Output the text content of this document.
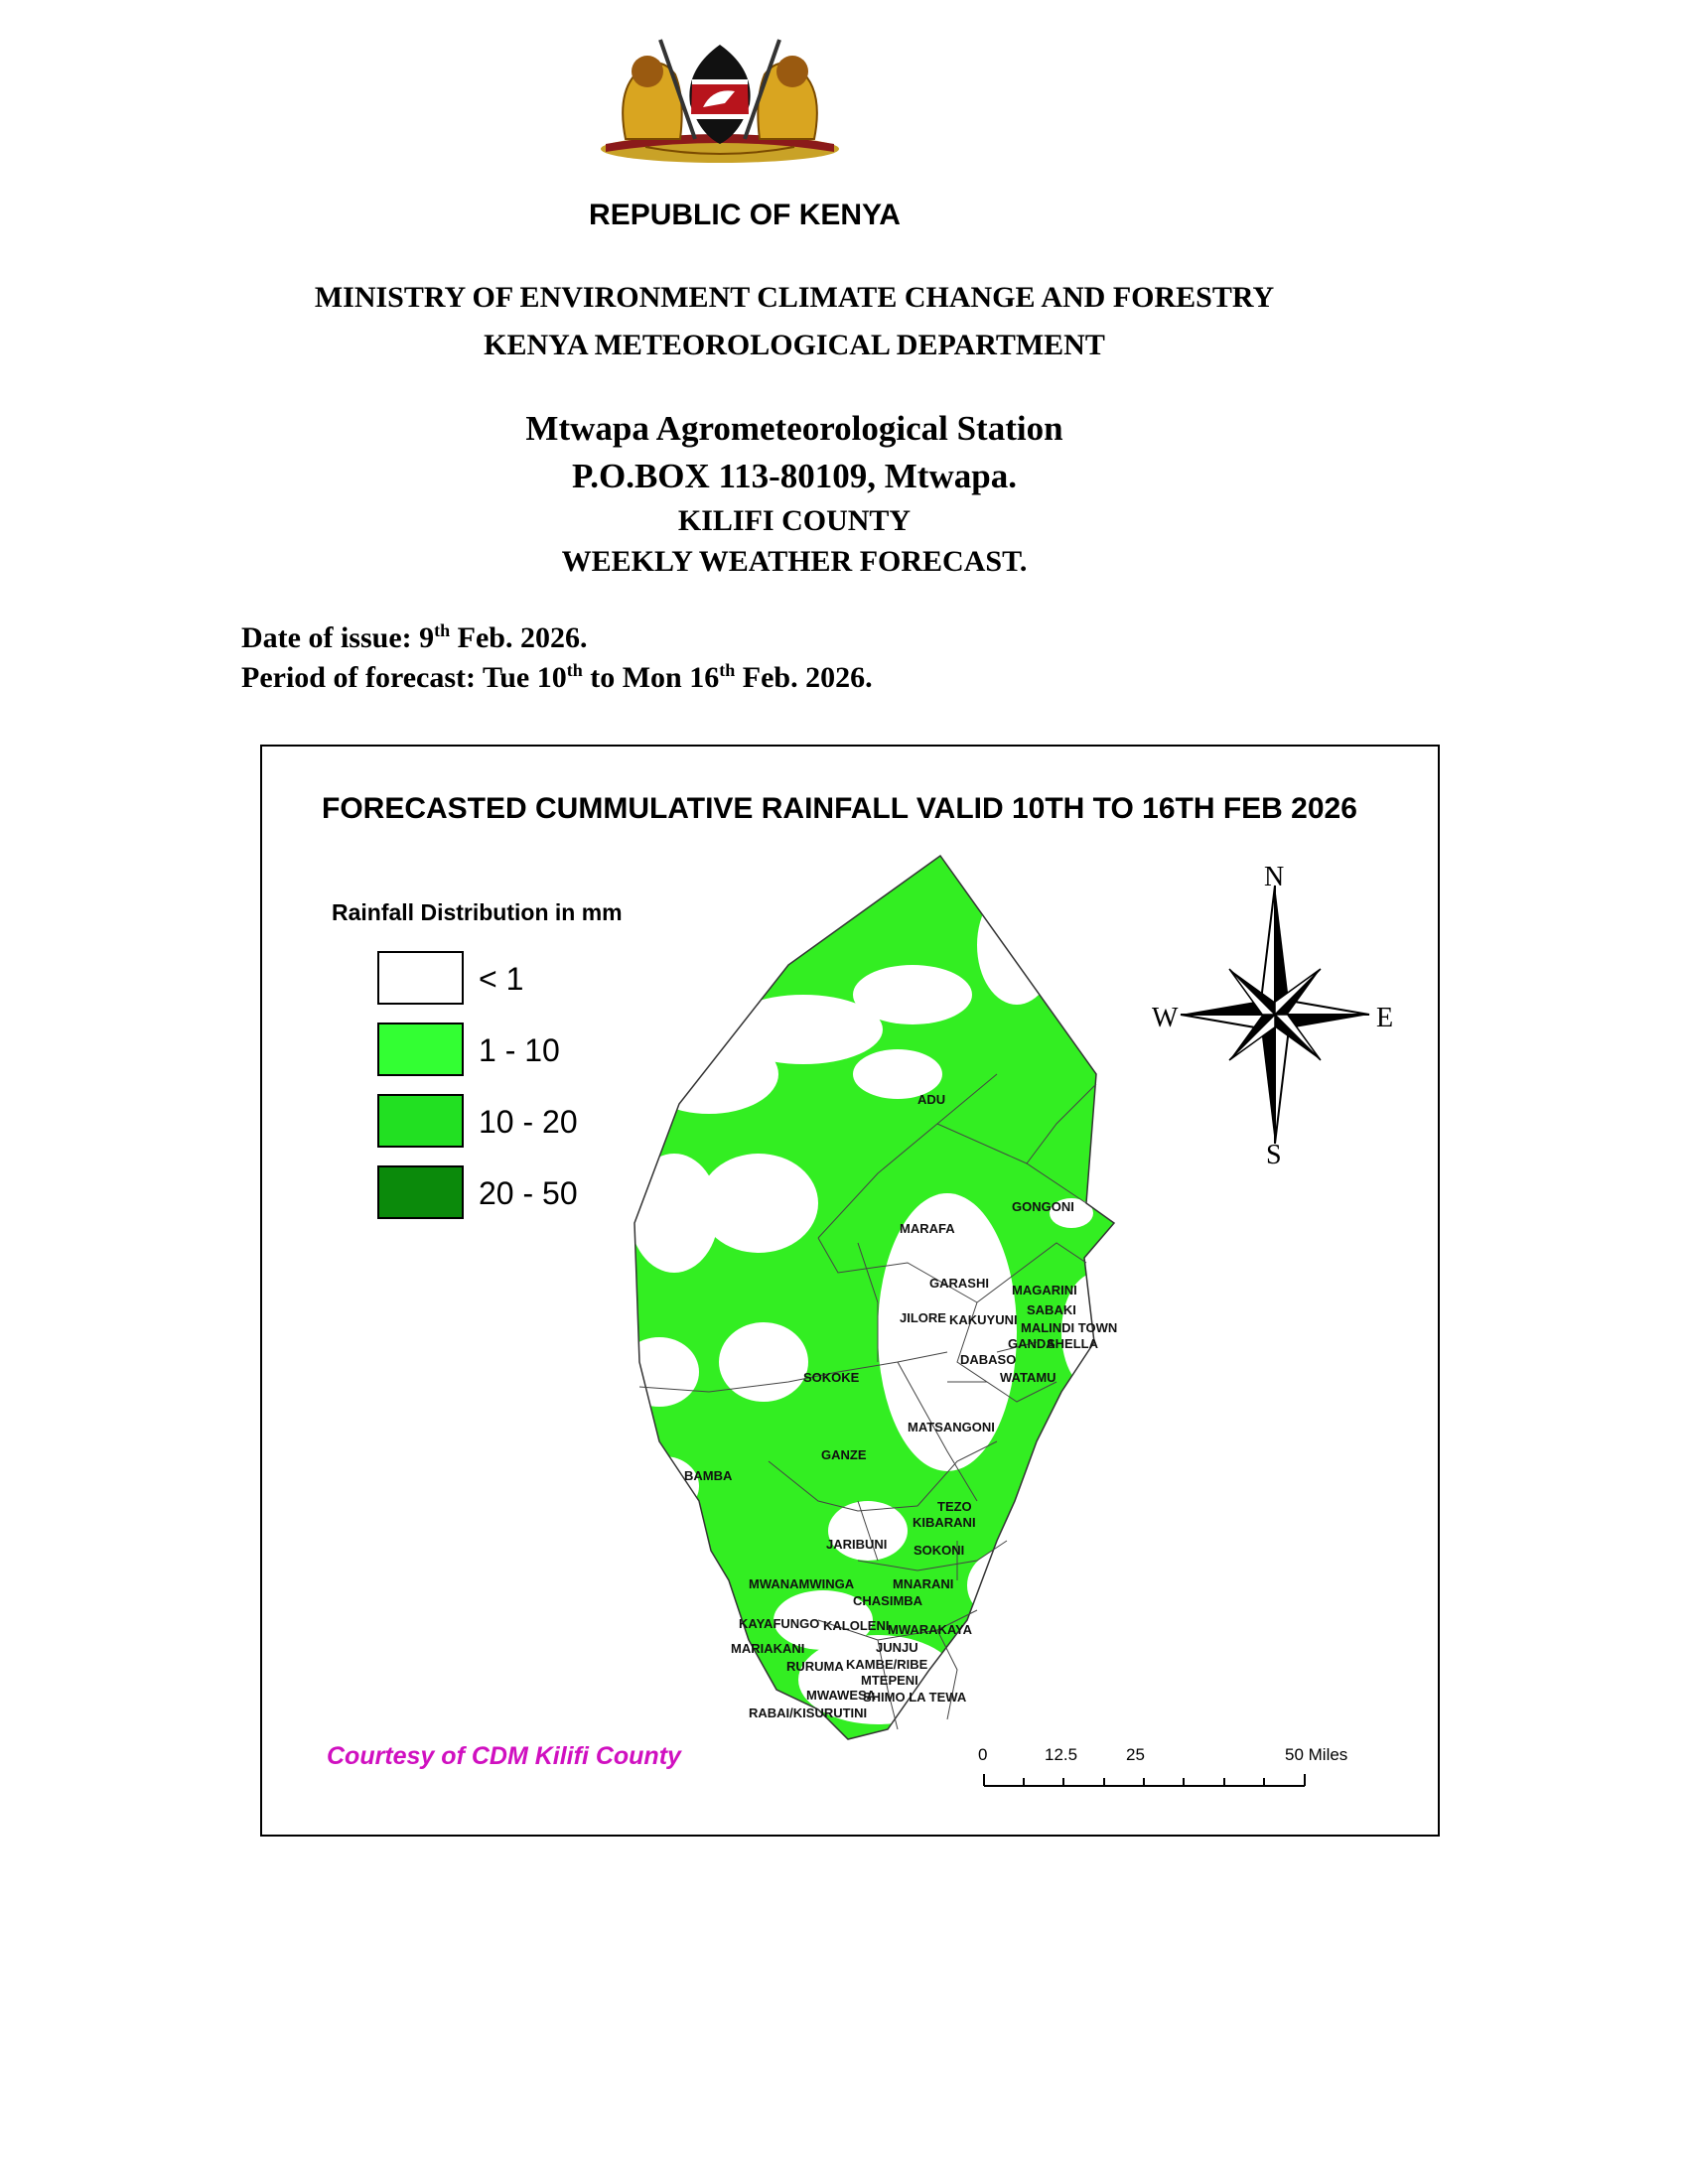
REPUBLIC OF KENYA
MINISTRY OF ENVIRONMENT CLIMATE CHANGE AND FORESTRY
KENYA METEOROLOGICAL DEPARTMENT
Mtwapa Agrometeorological Station
P.O.BOX 113-80109, Mtwapa.
KILIFI COUNTY
WEEKLY WEATHER FORECAST.
Date of issue: 9th Feb. 2026.
Period of forecast: Tue 10th to Mon 16th Feb. 2026.
FORECASTED CUMMULATIVE RAINFALL VALID 10TH TO 16TH FEB 2026
Rainfall Distribution in mm
< 1
1 - 10
10 - 20
20 - 50
ADU
GONGONI
MARAFA
GARASHI MAGARINI
JILORE KAKUYUNI
SABAKI
MALINDI TOWN
GANDA
SHELLA
DABASO
WATAMU
SOKOKE
MATSANGONI
GANZE
BAMBA
TEZO
KIBARANI
JARIBUNI SOKONI
MWANAMWINGA	MNARANI
CHASIMBA
KAYAFUNGO KALOLENI
MWARAKAYA
MARIAKANI	JUNJU
RURUMA KAMBE/RIBE
MTEPENI
MWAWESA
SHIMO LA TEWA
RABAI/KISURUTINI
N
S
E
W
Courtesy of CDM Kilifi County	0	12.5	25	50 Miles
